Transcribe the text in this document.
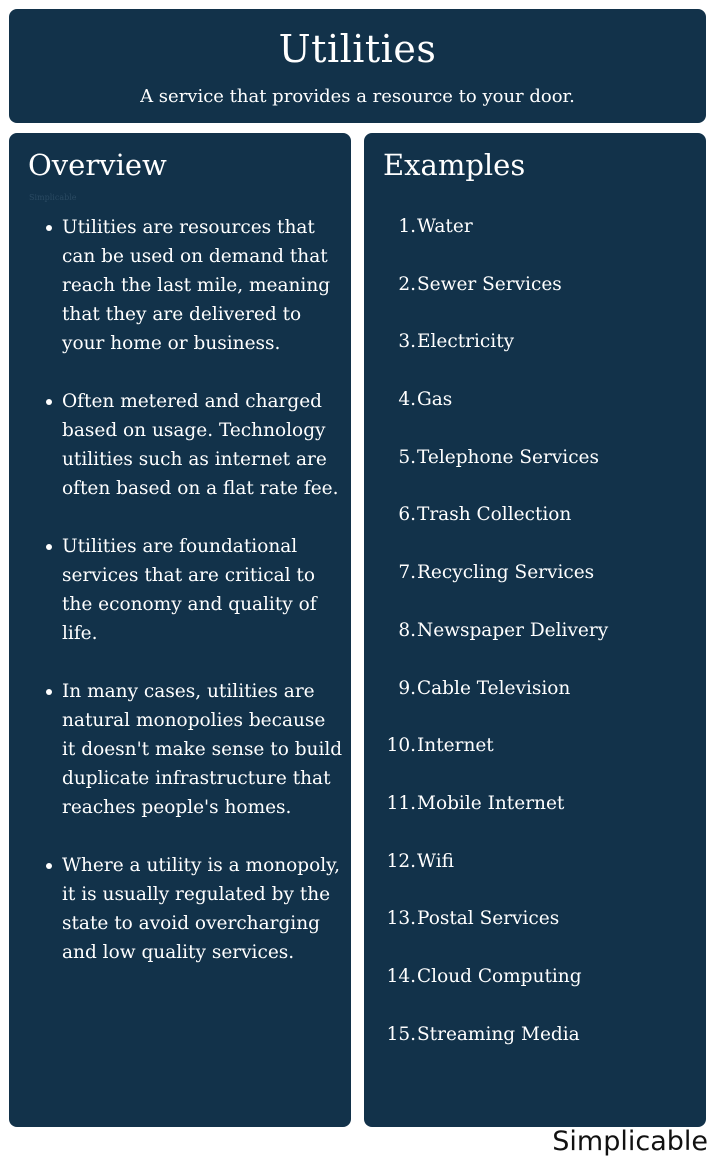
Utilities
A service that provides a resource to your door.
Overview
Simplicable
Utilities are resources that can be used on demand that reach the last mile, meaning that they are delivered to your home or business.
Often metered and charged based on usage. Technology utilities such as internet are often based on a flat rate fee.
Utilities are foundational services that are critical to the economy and quality of life.
In many cases, utilities are natural monopolies because it doesn't make sense to build duplicate infrastructure that reaches people's homes.
Where a utility is a monopoly, it is usually regulated by the state to avoid overcharging and low quality services.
Examples
1. Water
2. Sewer Services
3. Electricity
4. Gas
5. Telephone Services
6. Trash Collection
7. Recycling Services
8. Newspaper Delivery
9. Cable Television
10. Internet
11. Mobile Internet
12. Wifi
13. Postal Services
14. Cloud Computing
15. Streaming Media
Simplicable
